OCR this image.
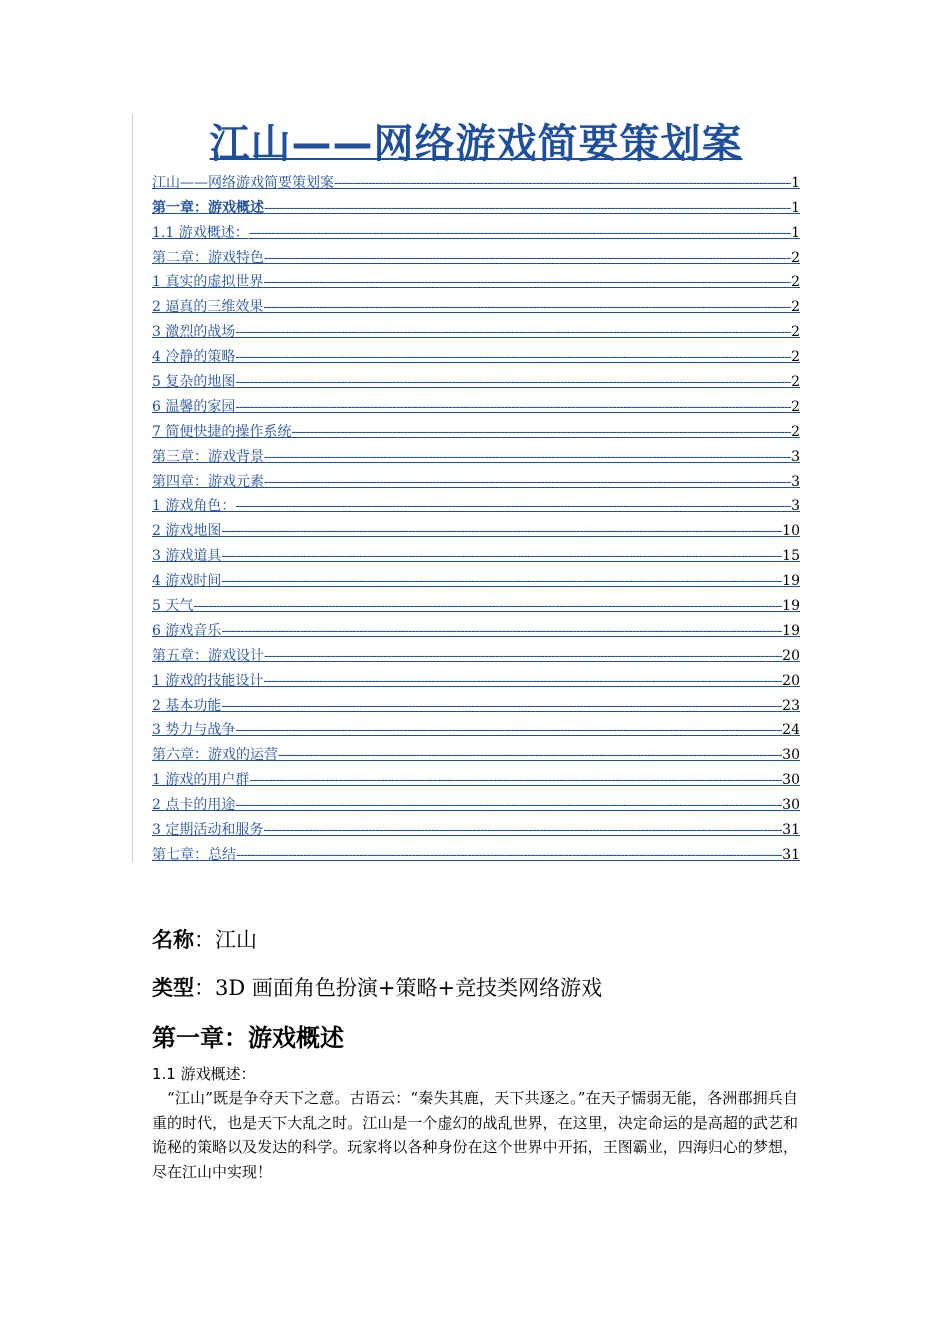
江山——网络游戏简要策划案
江山——网络游戏简要策划案 -----	1
第一章：游戏概述 -----	1
1.1 游戏概述： -----	1
第二章：游戏特色 -----	2
1 真实的虚拟世界 -----	2
2 逼真的三维效果 -----	2
3 激烈的战场 -----	2
4 冷静的策略 -----	2
5 复杂的地图 -----	2
6 温馨的家园 -----	2
7 简便快捷的操作系统 -----	2
第三章：游戏背景 -----	3
第四章：游戏元素 -----	3
1 游戏角色： -----	3
2 游戏地图 -----	10
3 游戏道具 -----	15
4 游戏时间 -----	19
5 天气 -----	19
6 游戏音乐 -----	19
第五章：游戏设计 -----	20
1 游戏的技能设计 -----	20
2 基本功能 -----	23
3 势力与战争 -----	24
第六章：游戏的运营 -----	30
1 游戏的用户群 -----	30
2 点卡的用途 -----	30
3 定期活动和服务 -----	31
第七章：总结 -----	31
名称：江山
类型：3D 画面角色扮演+策略+竞技类网络游戏
第一章：游戏概述
1.1 游戏概述：
“江山”既是争夺天下之意。古语云：“秦失其鹿，天下共逐之。”在天子懦弱无能，各洲郡拥兵自重的时代，也是天下大乱之时。江山是一个虚幻的战乱世界，在这里，决定命运的是高超的武艺和诡秘的策略以及发达的科学。玩家将以各种身份在这个世界中开拓，王图霸业，四海归心的梦想，尽在江山中实现！
